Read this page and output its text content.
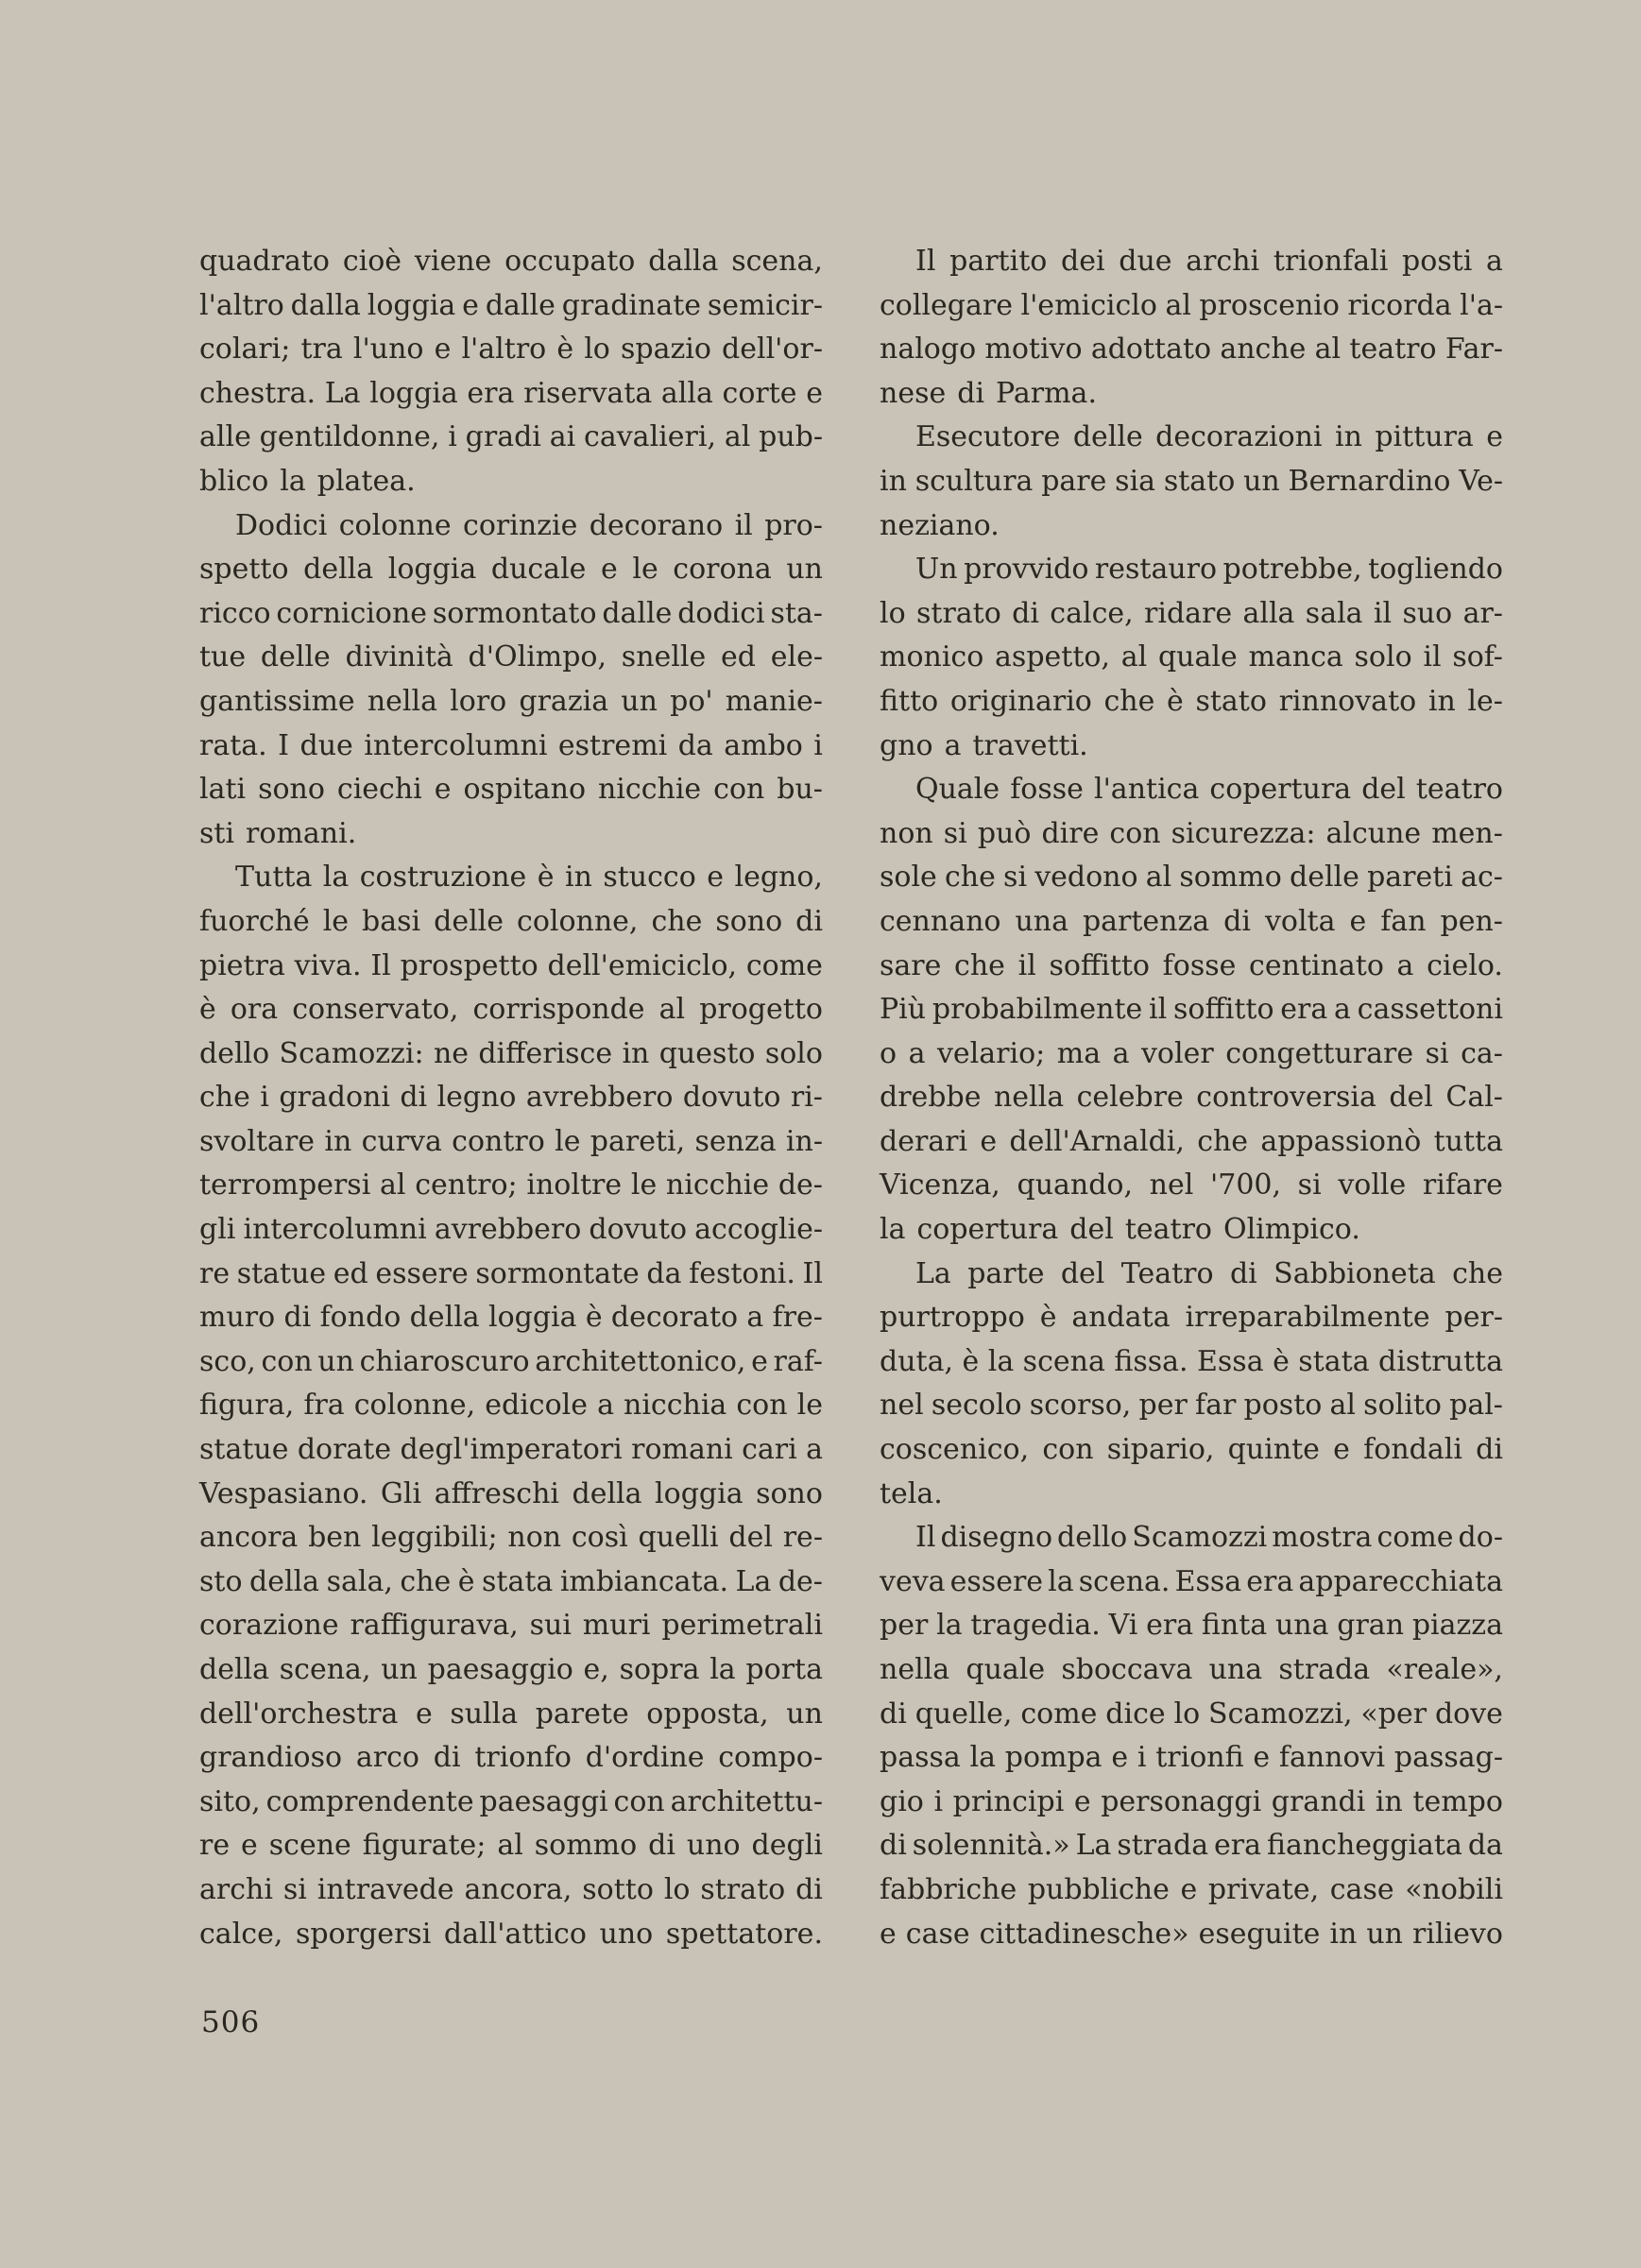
quadrato cioè viene occupato dalla scena,
l'altro dalla loggia e dalle gradinate semicir-
colari; tra l'uno e l'altro è lo spazio dell'or-
chestra. La loggia era riservata alla corte e
alle gentildonne, i gradi ai cavalieri, al pub-
blico la platea.
Dodici colonne corinzie decorano il pro-
spetto della loggia ducale e le corona un
ricco cornicione sormontato dalle dodici sta-
tue delle divinità d'Olimpo, snelle ed ele-
gantissime nella loro grazia un po' manie-
rata. I due intercolumni estremi da ambo i
lati sono ciechi e ospitano nicchie con bu-
sti romani.
Tutta la costruzione è in stucco e legno,
fuorché le basi delle colonne, che sono di
pietra viva. Il prospetto dell'emiciclo, come
è ora conservato, corrisponde al progetto
dello Scamozzi: ne differisce in questo solo
che i gradoni di legno avrebbero dovuto ri-
svoltare in curva contro le pareti, senza in-
terrompersi al centro; inoltre le nicchie de-
gli intercolumni avrebbero dovuto accoglie-
re statue ed essere sormontate da festoni. Il
muro di fondo della loggia è decorato a fre-
sco, con un chiaroscuro architettonico, e raf-
figura, fra colonne, edicole a nicchia con le
statue dorate degl'imperatori romani cari a
Vespasiano. Gli affreschi della loggia sono
ancora ben leggibili; non così quelli del re-
sto della sala, che è stata imbiancata. La de-
corazione raffigurava, sui muri perimetrali
della scena, un paesaggio e, sopra la porta
dell'orchestra e sulla parete opposta, un
grandioso arco di trionfo d'ordine compo-
sito, comprendente paesaggi con architettu-
re e scene figurate; al sommo di uno degli
archi si intravede ancora, sotto lo strato di
calce, sporgersi dall'attico uno spettatore.
Il partito dei due archi trionfali posti a
collegare l'emiciclo al proscenio ricorda l'a-
nalogo motivo adottato anche al teatro Far-
nese di Parma.
Esecutore delle decorazioni in pittura e
in scultura pare sia stato un Bernardino Ve-
neziano.
Un provvido restauro potrebbe, togliendo
lo strato di calce, ridare alla sala il suo ar-
monico aspetto, al quale manca solo il sof-
fitto originario che è stato rinnovato in le-
gno a travetti.
Quale fosse l'antica copertura del teatro
non si può dire con sicurezza: alcune men-
sole che si vedono al sommo delle pareti ac-
cennano una partenza di volta e fan pen-
sare che il soffitto fosse centinato a cielo.
Più probabilmente il soffitto era a cassettoni
o a velario; ma a voler congetturare si ca-
drebbe nella celebre controversia del Cal-
derari e dell'Arnaldi, che appassionò tutta
Vicenza, quando, nel '700, si volle rifare
la copertura del teatro Olimpico.
La parte del Teatro di Sabbioneta che
purtroppo è andata irreparabilmente per-
duta, è la scena fissa. Essa è stata distrutta
nel secolo scorso, per far posto al solito pal-
coscenico, con sipario, quinte e fondali di
tela.
Il disegno dello Scamozzi mostra come do-
veva essere la scena. Essa era apparecchiata
per la tragedia. Vi era finta una gran piazza
nella quale sboccava una strada «reale»,
di quelle, come dice lo Scamozzi, «per dove
passa la pompa e i trionfi e fannovi passag-
gio i principi e personaggi grandi in tempo
di solennità.» La strada era fiancheggiata da
fabbriche pubbliche e private, case «nobili
e case cittadinesche» eseguite in un rilievo
506
